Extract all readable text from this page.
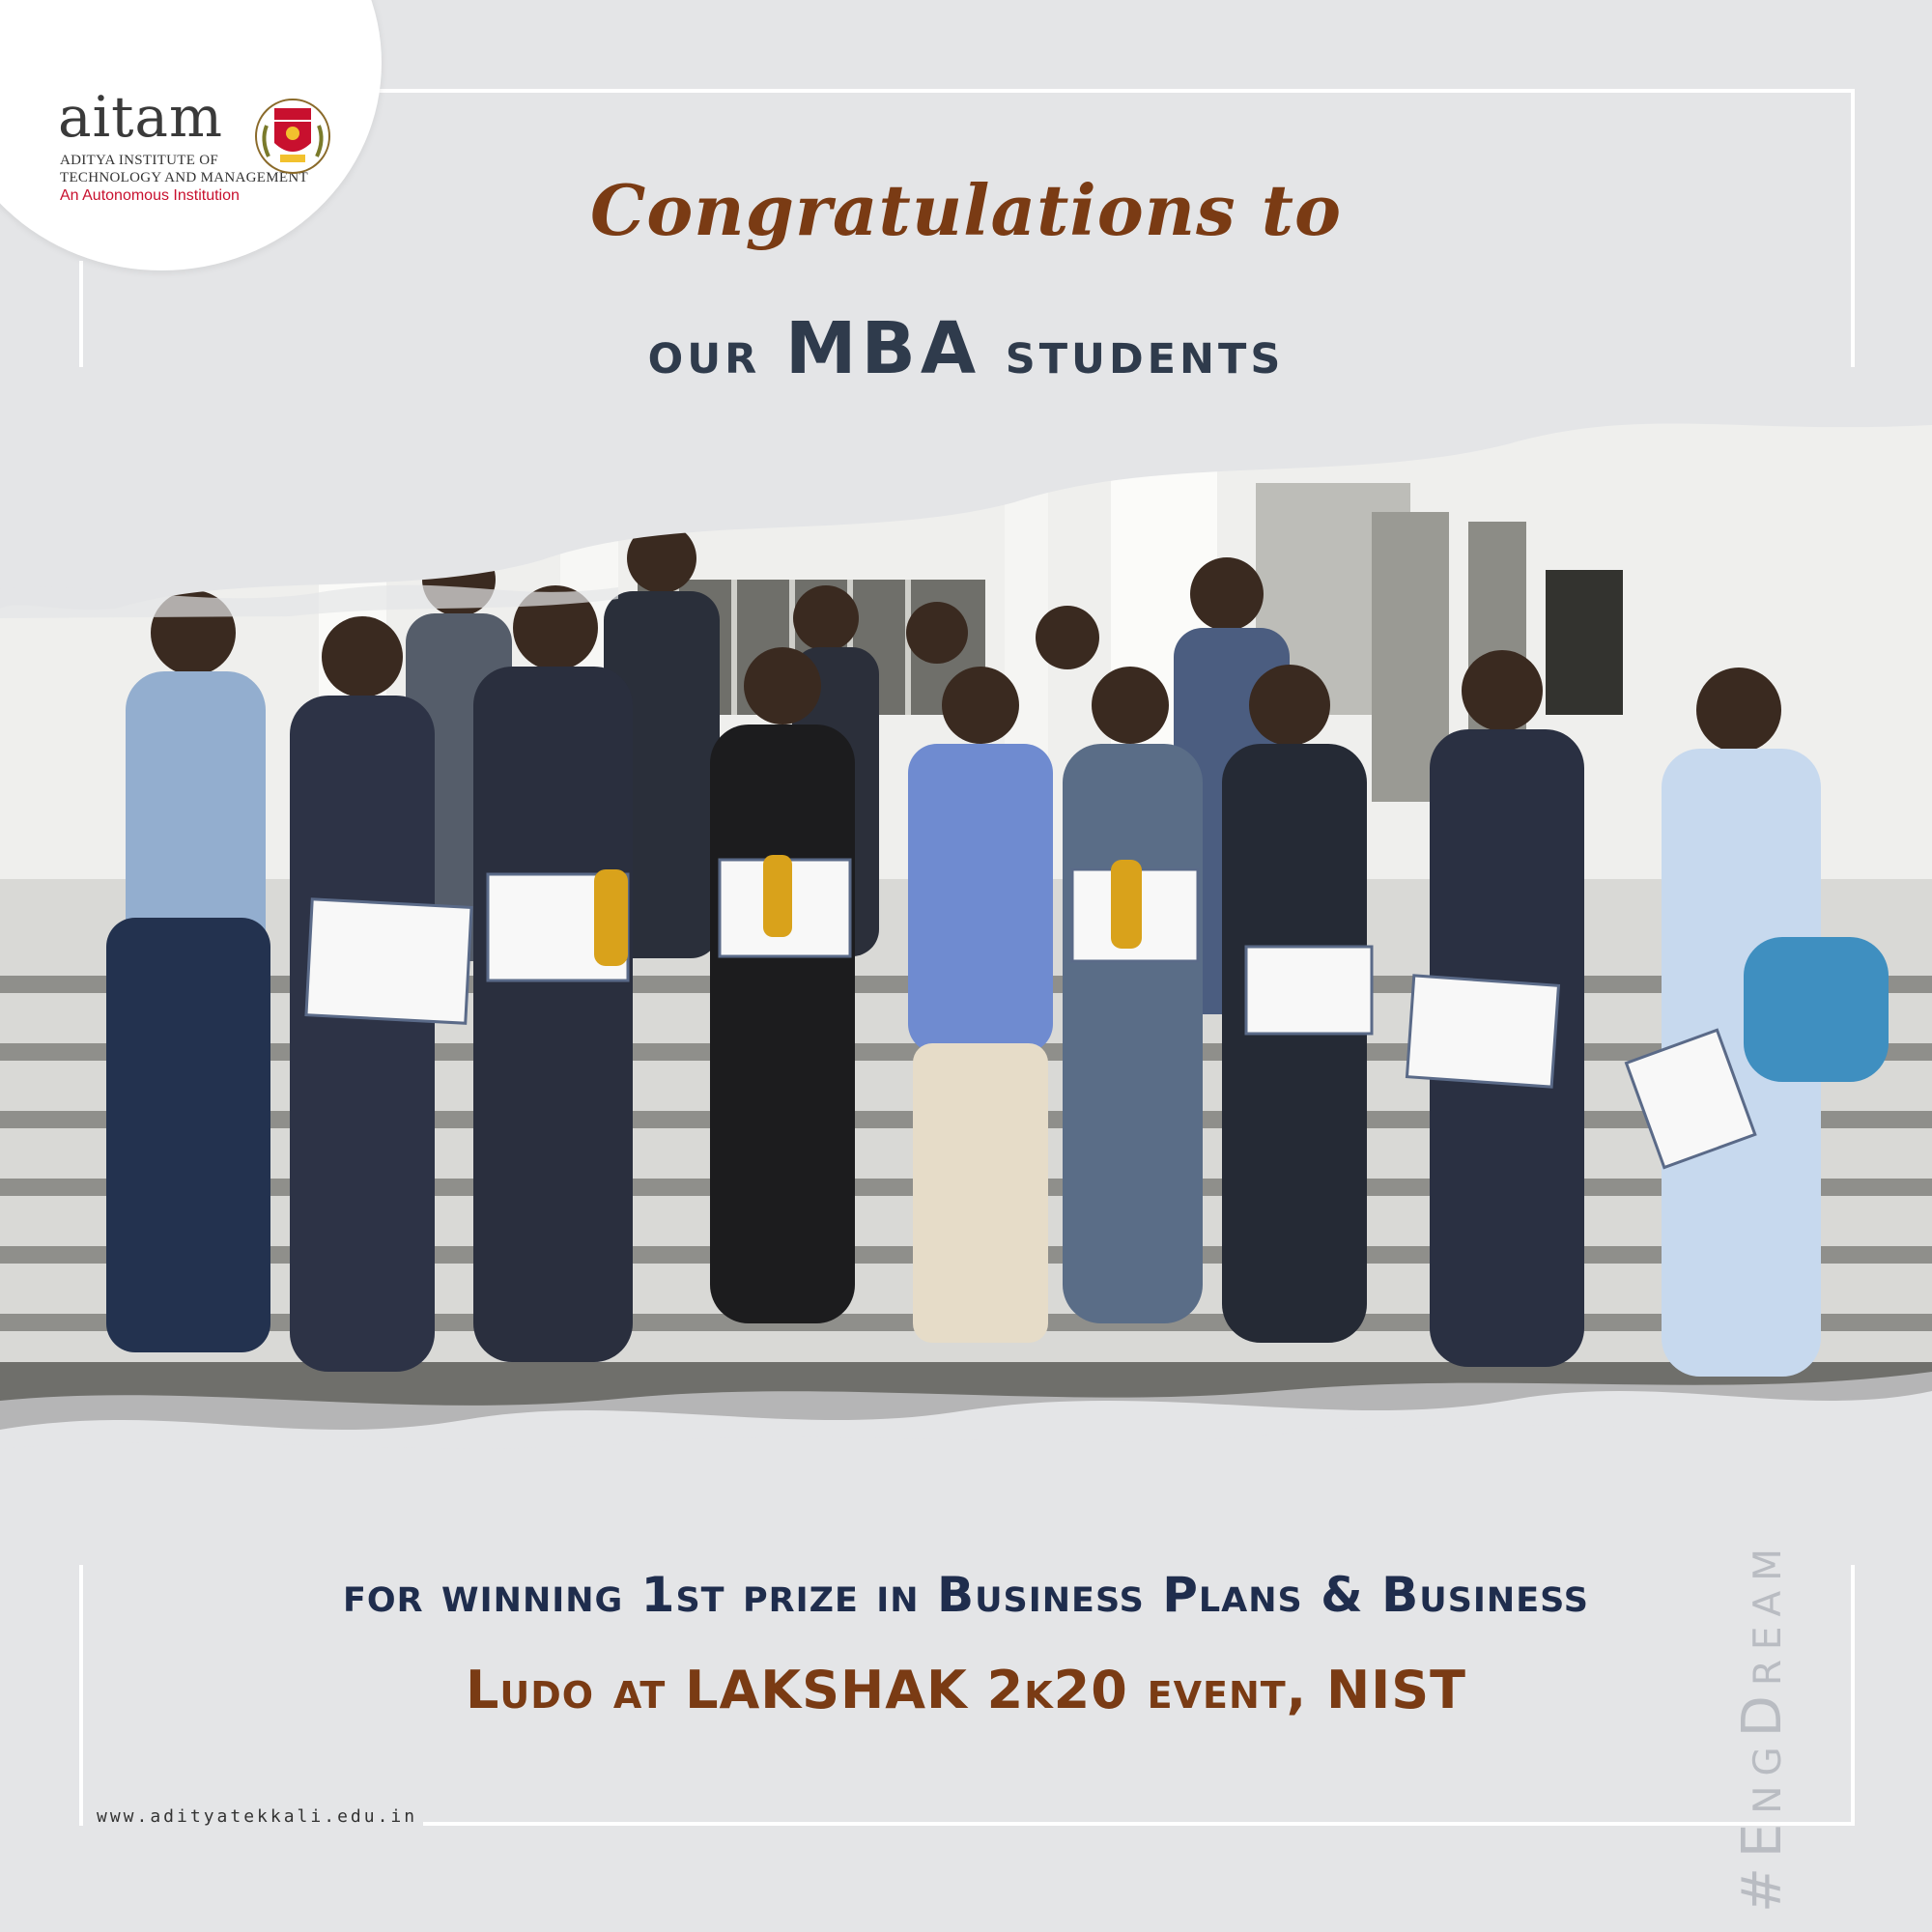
aitam
ADITYA INSTITUTE OF
TECHNOLOGY AND MANAGEMENT
An Autonomous Institution	Congratulations to
our MBA students
for winning 1st prize in Business Plans & Business
Ludo at LAKSHAK 2k20 event, NIST
www.adityatekkali.edu.in	#EngDream
